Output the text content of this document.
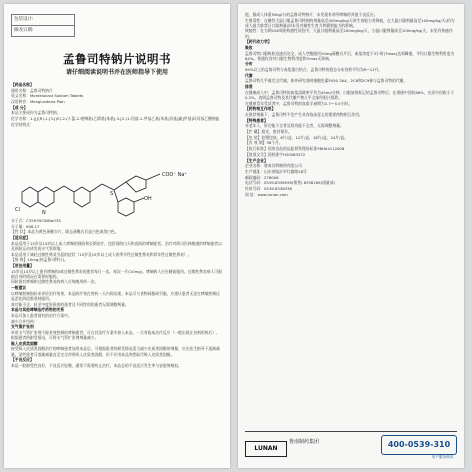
包装设计:
修改日期:
孟鲁司特钠片说明书
请仔细阅读说明书并在医师指导下使用

【药品名称】

通用名称：孟鲁司特钠片

英文名称：Montelukast Sodium Tablets

汉语拼音：Menglusitena Pian

【成 分】

本品主要成份为孟鲁司特钠。

化学名称：1-[[[(R)-1-[3-[(E)-2-(7-氯-2-喹啉基)乙烯基]苯基]-3-[2-(1-羟基-1-甲基乙基)苯基]丙基]硫]甲基]环丙基乙酸钠盐

化学结构式：

Cl	N
S
COO⁻ Na⁺
OH

分子式：C35H35ClNNaO3S

分子量：608.17

【性 状】本品为黄色薄膜衣片，除去薄膜衣后显白色或类白色。

【适应症】

本品适用于15岁及15岁以上成人哮喘的预防和长期治疗，包括预防白天和夜间的哮喘症状，治疗对阿司匹林敏感的哮喘患者以及预防运动诱发的支气管收缩。

本品适用于减轻过敏性鼻炎引起的症状（15岁及15岁以上成人的季节性过敏性鼻炎和常年性过敏性鼻炎）。

【规 格】10mg(按孟鲁司特计)。

【用法用量】

15岁及15岁以上患有哮喘和/或过敏性鼻炎的患者每日一次，每次一片(10mg)。哮喘病人应在睡前服用。过敏性鼻炎病人可根据自身的情况在需要时服药。

同时患有哮喘和过敏性鼻炎的病人应每晚用药一次。

一般建议

以哮喘控制指标来评价治疗效果，本品的疗效在用药一天内即出现。本品可与食物同服或另服。应建议患者无论在哮喘控制还是恶化阶段都坚持服用。

肾功能不全、轻至中度肝损害的患者及不同性别的患者无需调整剂量。

本品与其他哮喘治疗药物的关系

本品可加入患者现有的治疗方案中。

减少合并用药：

支气管扩张剂

单用支气管扩张剂不能有效控制的哮喘患者，可在其治疗方案中加入本品，一旦有临床治疗反应（一般出现在首剂用药后），根据患者的耐受情况，可将支气管扩张剂剂量减少。

吸入皮质类固醇

接受吸入皮质类固醇治疗的哮喘患者加用本品后，可根据患者的耐受情况适当减少皮质类固醇的剂量，应在医生指导下逐渐减量。某些患者可逐渐减量直至完全停用吸入皮质类固醇，但不应用本品突然取代吸入皮质类固醇。

【不良反应】

本品一般耐受性良好，不良反应轻微，通常不需要终止治疗。本品总的不良反应发生率与安慰剂相似。

他，服成人体重50kg计)的孟鲁司特钠片，未发现有诱导哮喘的其他不良反应。

生殖毒性：在雌性大鼠口服孟鲁司特钠的剂量高至400mg/kg/天时生育能力有降低，在大鼠口服剂量高至100mg/kg/天(约为成人最大推荐日口服剂量)时未见对雄性生育力和繁殖能力的影响。

致癌性：在为期106周的致癌性试验中，大鼠口服剂量高至200mg/kg/天，小鼠口服剂量高至100mg/kg/天，未见有致癌作用。

【药代动力学】

吸收

孟鲁司特口服吸收迅速而完全。成人空腹服用10mg薄膜衣片后，血浆浓度于3小时(Tmax)达到峰值，平均口服生物利用度为64%。普通饮食对口服生物利用度和Cmax无影响。

分布

99%以上的孟鲁司特与血浆蛋白结合。孟鲁司特的稳态分布容积平均为8～11升。

代谢

孟鲁司特几乎被完全代谢。体外研究表明细胞色素P450 3A4、2C8和2C9参与孟鲁司特的代谢。

排泄

在健康成人中，孟鲁司特的血浆清除率平均为45ml/分钟，口服放射标记的孟鲁司特后，在粪便中回收86%，在尿中回收小于0.2%，表明孟鲁司特及其代谢产物几乎全部经胆汁排泄。

在健康青年受试者中，孟鲁司特的血浆半衰期为2.7～5.5小时。

【药物相互作用】

在推荐剂量下，孟鲁司特不会产生具有临床意义的重要药物相互作用。

【特殊患者】

对老年人、肝功能不全者及肾功能不全者，无需调整剂量。

【贮 藏】遮光，密封保存。

【包 装】铝塑包装。6片/盒，12片/盒，18片/盒，24片/盒。

【有 效 期】36个月。

【执行标准】国家食品药品监督管理局标准YBH04112008

【批准文号】国药准字H20083372

【生产企业】

企业名称：鲁南贝特制药有限公司

生产地址：山东省临沂市红旗路18号

邮政编码：276006

电话号码：0539-8336599(销售) 8336169(质量部)

传真号码：0539-8336336

网 址：www.lunan.com

LUNAN
鲁南制药集团	400-0539-310
用户服务热线
